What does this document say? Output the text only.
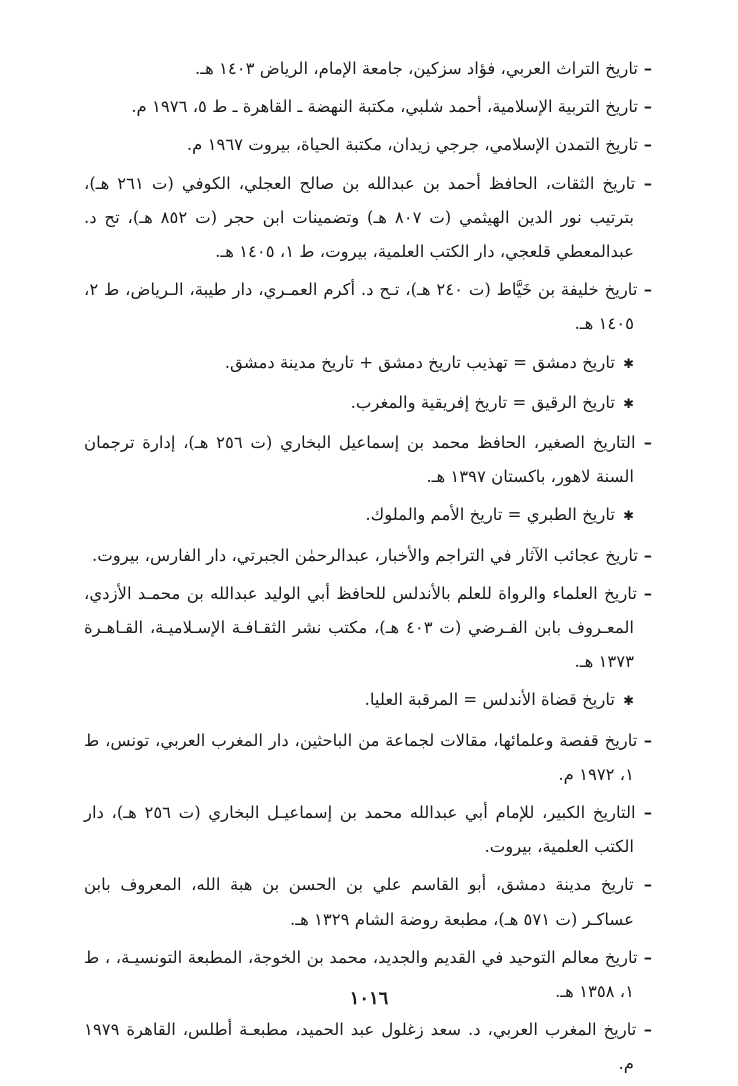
– تاريخ التراث العربي، فؤاد سزكين، جامعة الإمام، الرياض ١٤٠٣ هـ.

– تاريخ التربية الإسلامية، أحمد شلبي، مكتبة النهضة ـ القاهرة ـ ط ٥، ١٩٧٦ م.

– تاريخ التمدن الإسلامي، جرجي زيدان، مكتبة الحياة، بيروت ١٩٦٧ م.

– تاريخ الثقات، الحافظ أحمد بن عبدالله بن صالح العجلي، الكوفي (ت ٢٦١ هـ)، بترتيب نور الدين الهيثمي (ت ٨٠٧ هـ) وتضمينات ابن حجر (ت ٨٥٢ هـ)، تح د. عبدالمعطي قلعجي، دار الكتب العلمية، بيروت، ط ١، ١٤٠٥ هـ.

– تاريخ خليفة بن خَيَّاط (ت ٢٤٠ هـ)، تـح د. أكرم العمـري، دار طيبة، الـرياض، ط ٢، ١٤٠٥ هـ.

✱ تاريخ دمشق = تهذيب تاريخ دمشق + تاريخ مدينة دمشق.

✱ تاريخ الرقيق = تاريخ إفريقية والمغرب.

– التاريخ الصغير، الحافظ محمد بن إسماعيل البخاري (ت ٢٥٦ هـ)، إدارة ترجمان السنة لاهور، باكستان ١٣٩٧ هـ.

✱ تاريخ الطبري = تاريخ الأمم والملوك.

– تاريخ عجائب الآثار في التراجم والأخبار، عبدالرحمٰن الجبرتي، دار الفارس، بيروت.

– تاريخ العلماء والرواة للعلم بالأندلس للحافظ أبي الوليد عبدالله بن محمـد الأزدي، المعـروف بابن الفـرضي (ت ٤٠٣ هـ)، مكتب نشر الثقـافـة الإسـلاميـة، القـاهـرة ١٣٧٣ هـ.

✱ تاريخ قضاة الأندلس = المرقبة العليا.

– تاريخ قفصة وعلمائها، مقالات لجماعة من الباحثين، دار المغرب العربي، تونس، ط ١، ١٩٧٢ م.

– التاريخ الكبير، للإمام أبي عبدالله محمد بن إسماعيـل البخاري (ت ٢٥٦ هـ)، دار الكتب العلمية، بيروت.

– تاريخ مدينة دمشق، أبو القاسم علي بن الحسن بن هبة الله، المعروف بابن عساكـر (ت ٥٧١ هـ)، مطبعة روضة الشام ١٣٢٩ هـ.

– تاريخ معالم التوحيد في القديم والجديد، محمد بن الخوجة، المطبعة التونسيـة، ، ط ١، ١٣٥٨ هـ.

– تاريخ المغرب العربي، د. سعد زغلول عبد الحميد، مطبعـة أطلس، القاهرة ١٩٧٩ م.

١٠١٦
